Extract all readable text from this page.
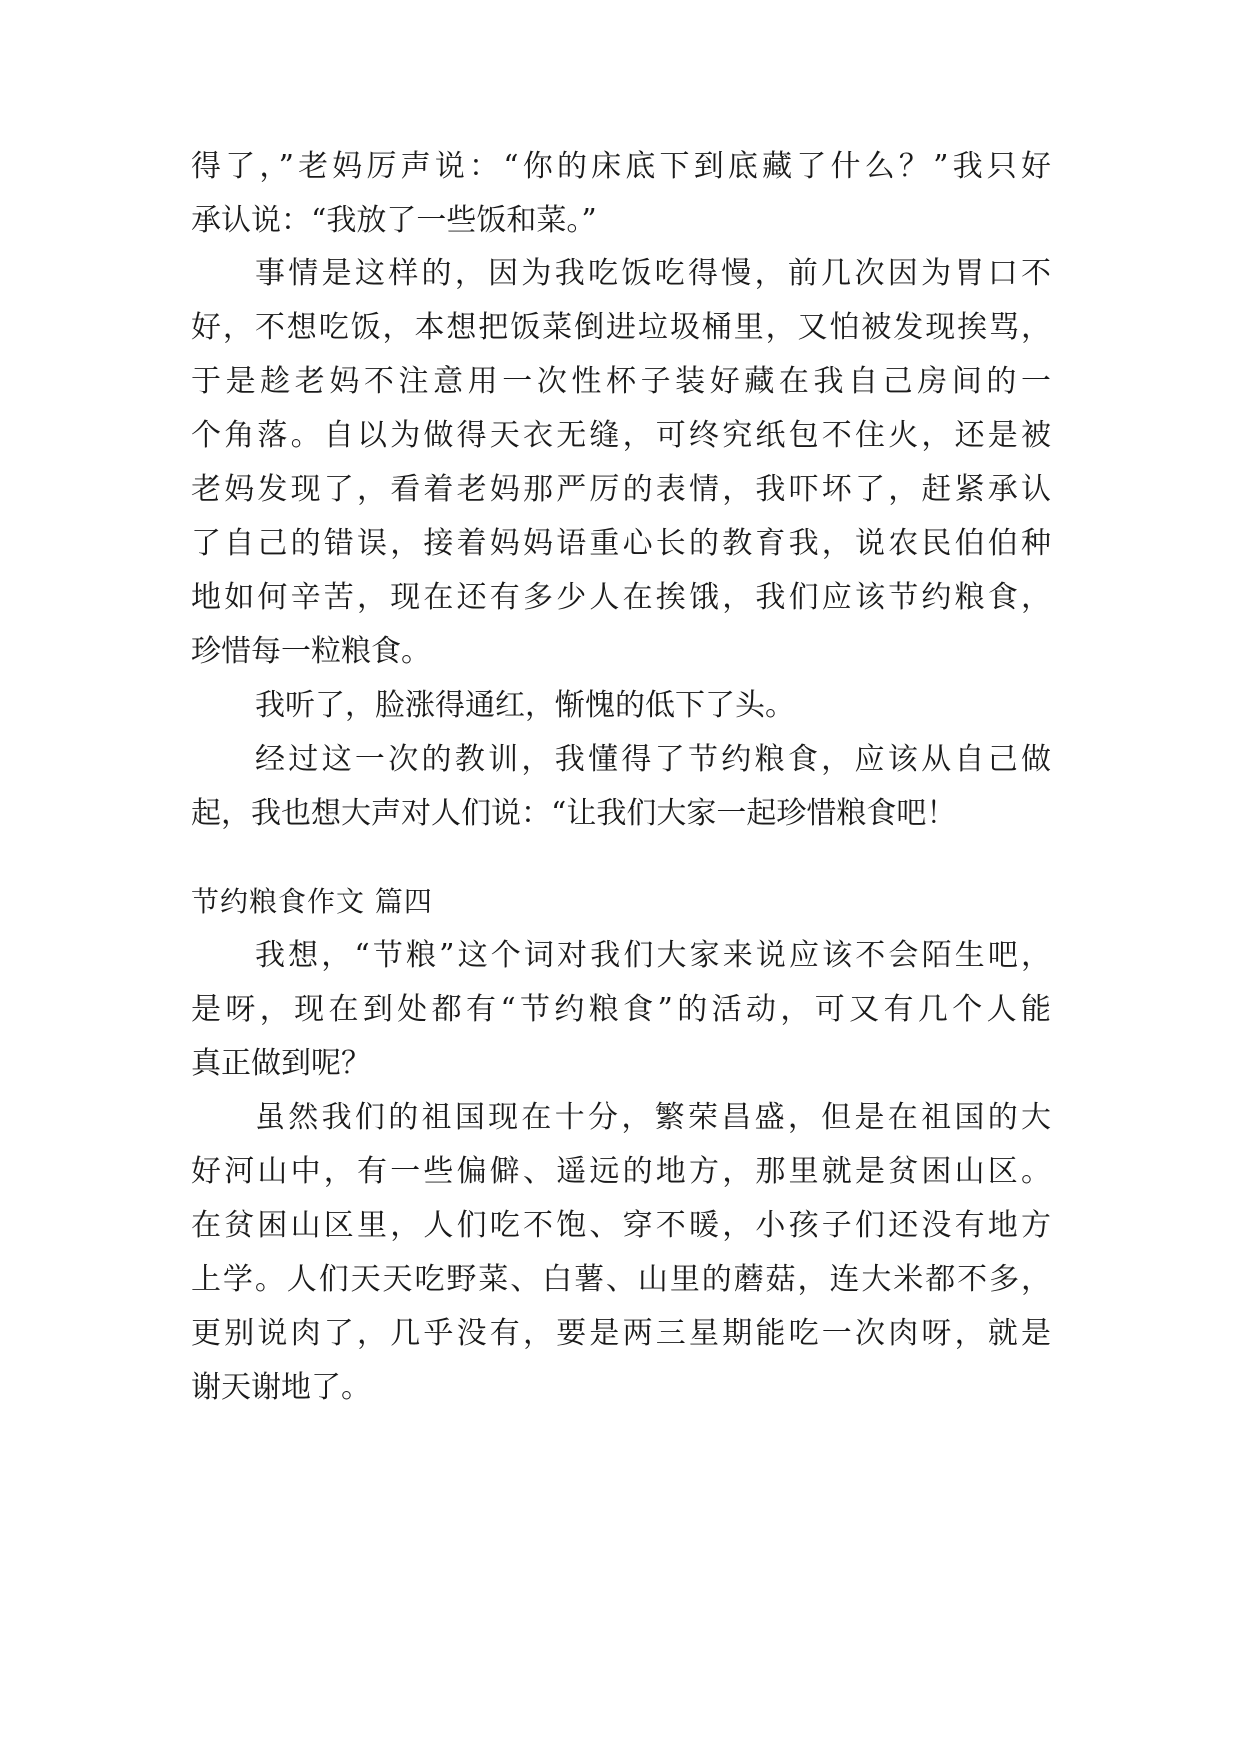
得了，”老妈厉声说：“你的床底下到底藏了什么？”我只好
承认说：“我放了一些饭和菜。”
事情是这样的，因为我吃饭吃得慢，前几次因为胃口不
好，不想吃饭，本想把饭菜倒进垃圾桶里，又怕被发现挨骂，
于是趁老妈不注意用一次性杯子装好藏在我自己房间的一
个角落。自以为做得天衣无缝，可终究纸包不住火，还是被
老妈发现了，看着老妈那严厉的表情，我吓坏了，赶紧承认
了自己的错误，接着妈妈语重心长的教育我，说农民伯伯种
地如何辛苦，现在还有多少人在挨饿，我们应该节约粮食，
珍惜每一粒粮食。
我听了，脸涨得通红，惭愧的低下了头。
经过这一次的教训，我懂得了节约粮食，应该从自己做
起，我也想大声对人们说：“让我们大家一起珍惜粮食吧！
节约粮食作文 篇四
我想，“节粮”这个词对我们大家来说应该不会陌生吧，
是呀，现在到处都有“节约粮食”的活动，可又有几个人能
真正做到呢？
虽然我们的祖国现在十分，繁荣昌盛，但是在祖国的大
好河山中，有一些偏僻、遥远的地方，那里就是贫困山区。
在贫困山区里，人们吃不饱、穿不暖，小孩子们还没有地方
上学。人们天天吃野菜、白薯、山里的蘑菇，连大米都不多，
更别说肉了，几乎没有，要是两三星期能吃一次肉呀，就是
谢天谢地了。
